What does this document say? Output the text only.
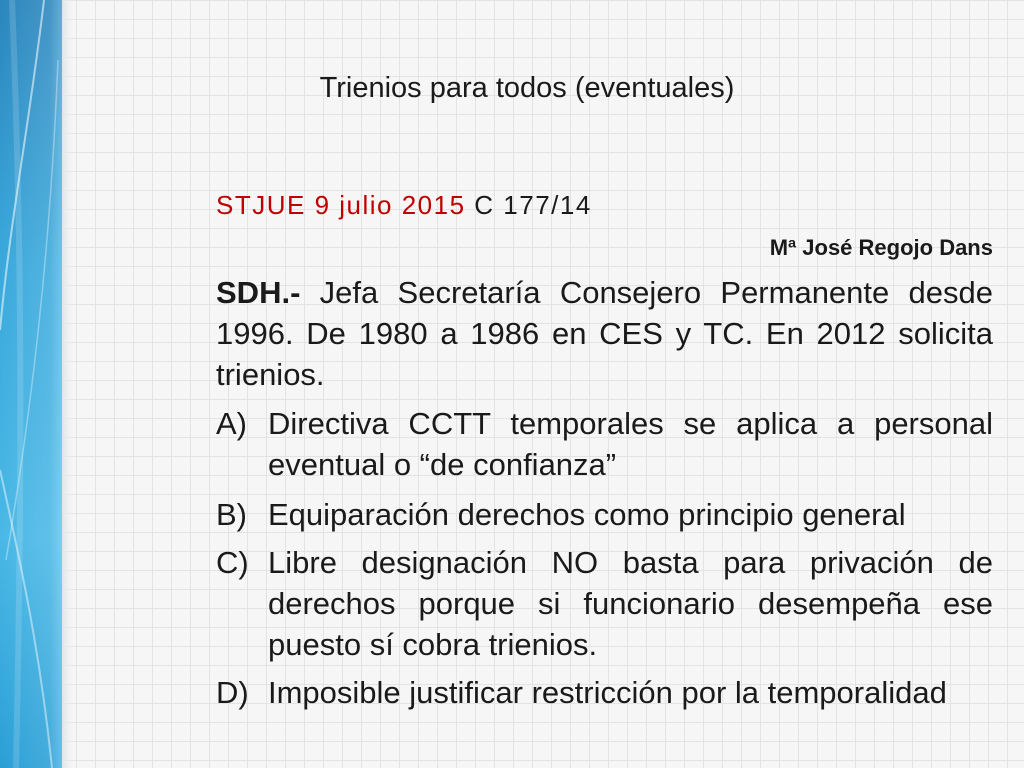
Trienios para todos (eventuales)
STJUE 9 julio 2015 C 177/14
Mª José Regojo Dans
SDH.- Jefa Secretaría Consejero Permanente desde 1996. De 1980 a 1986 en CES y TC. En 2012 solicita trienios.
A) Directiva CCTT temporales se aplica a personal eventual o “de confianza”
B) Equiparación derechos como principio general
C) Libre designación NO basta para privación de derechos porque si funcionario desempeña ese puesto sí cobra trienios.
D) Imposible justificar restricción por la temporalidad
